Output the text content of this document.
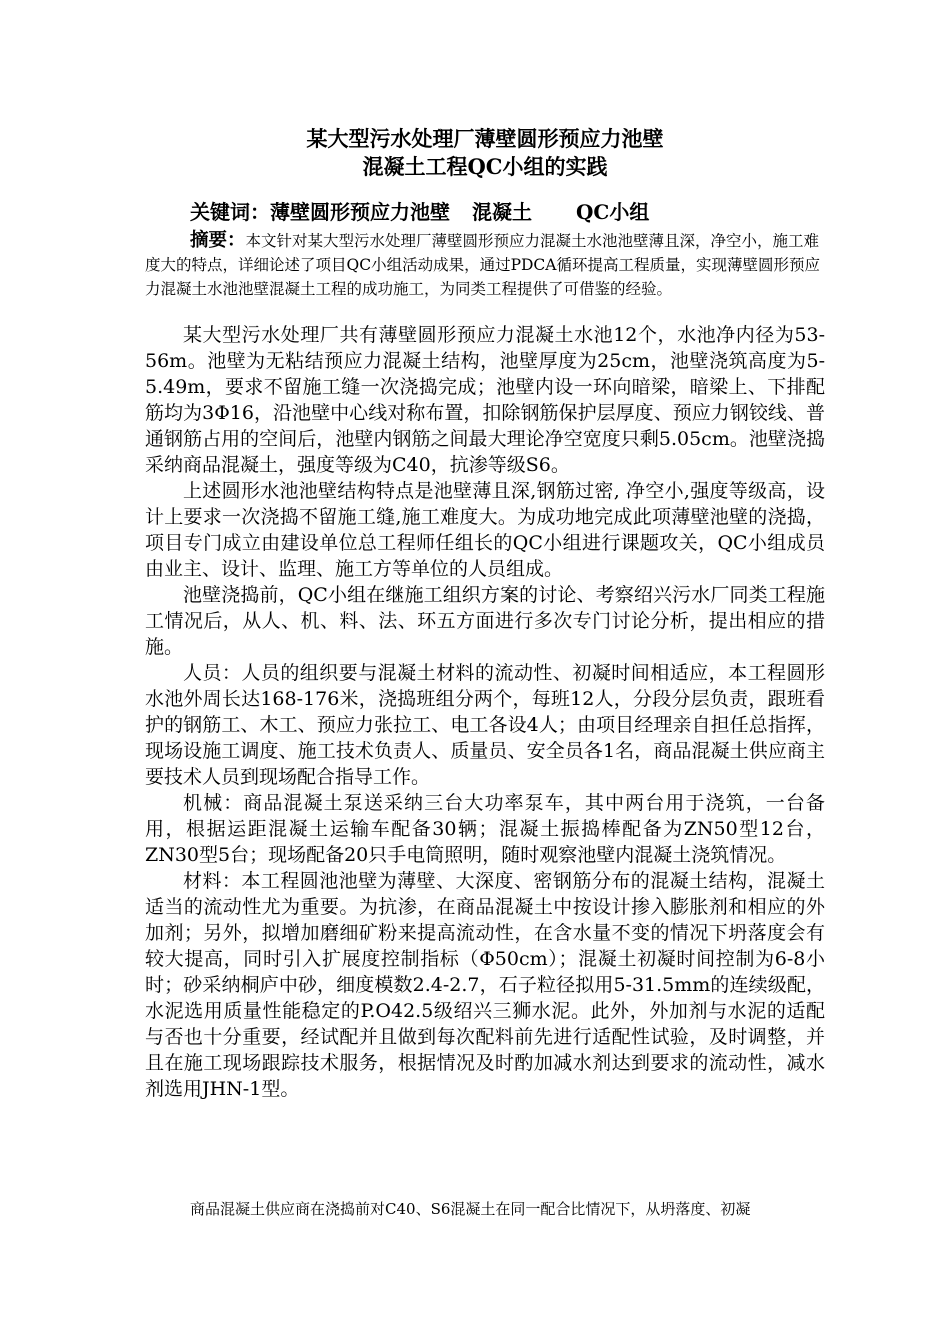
某大型污水处理厂薄壁圆形预应力池壁
混凝土工程QC小组的实践
关键词：薄壁圆形预应力池壁 混凝土 QC小组
摘要：本文针对某大型污水处理厂薄壁圆形预应力混凝土水池池壁薄且深，净空小，施工难度大的特点，详细论述了项目QC小组活动成果，通过PDCA循环提高工程质量，实现薄壁圆形预应力混凝土水池池壁混凝土工程的成功施工，为同类工程提供了可借鉴的经验。

某大型污水处理厂共有薄壁圆形预应力混凝土水池12个，水池净内径为53-56m。池壁为无粘结预应力混凝土结构，池壁厚度为25cm，池壁浇筑高度为5-5.49m，要求不留施工缝一次浇捣完成；池壁内设一环向暗梁，暗梁上、下排配筋均为3Φ16，沿池壁中心线对称布置，扣除钢筋保护层厚度、预应力钢铰线、普通钢筋占用的空间后，池壁内钢筋之间最大理论净空宽度只剩5.05cm。池壁浇捣采纳商品混凝土，强度等级为C40，抗渗等级S6。

上述圆形水池池壁结构特点是池壁薄且深,钢筋过密, 净空小,强度等级高，设计上要求一次浇捣不留施工缝,施工难度大。为成功地完成此项薄壁池壁的浇捣，项目专门成立由建设单位总工程师任组长的QC小组进行课题攻关，QC小组成员由业主、设计、监理、施工方等单位的人员组成。

池壁浇捣前，QC小组在继施工组织方案的讨论、考察绍兴污水厂同类工程施工情况后，从人、机、料、法、环五方面进行多次专门讨论分析，提出相应的措施。

人员：人员的组织要与混凝土材料的流动性、初凝时间相适应，本工程圆形水池外周长达168-176米，浇捣班组分两个，每班12人，分段分层负责，跟班看护的钢筋工、木工、预应力张拉工、电工各设4人；由项目经理亲自担任总指挥，现场设施工调度、施工技术负责人、质量员、安全员各1名，商品混凝土供应商主要技术人员到现场配合指导工作。

机械：商品混凝土泵送采纳三台大功率泵车，其中两台用于浇筑，一台备用，根据运距混凝土运输车配备30辆；混凝土振捣棒配备为ZN50型12台，ZN30型5台；现场配备20只手电筒照明，随时观察池壁内混凝土浇筑情况。

材料：本工程圆池池壁为薄壁、大深度、密钢筋分布的混凝土结构，混凝土适当的流动性尤为重要。为抗渗，在商品混凝土中按设计掺入膨胀剂和相应的外加剂；另外，拟增加磨细矿粉来提高流动性，在含水量不变的情况下坍落度会有较大提高，同时引入扩展度控制指标（Φ50cm）；混凝土初凝时间控制为6-8小时；砂采纳桐庐中砂，细度模数2.4-2.7，石子粒径拟用5-31.5mm的连续级配，水泥选用质量性能稳定的P.O42.5级绍兴三狮水泥。此外，外加剂与水泥的适配与否也十分重要，经试配并且做到每次配料前先进行适配性试验，及时调整，并且在施工现场跟踪技术服务，根据情况及时酌加减水剂达到要求的流动性，减水剂选用JHN-1型。

商品混凝土供应商在浇捣前对C40、S6混凝土在同一配合比情况下，从坍落度、初凝
